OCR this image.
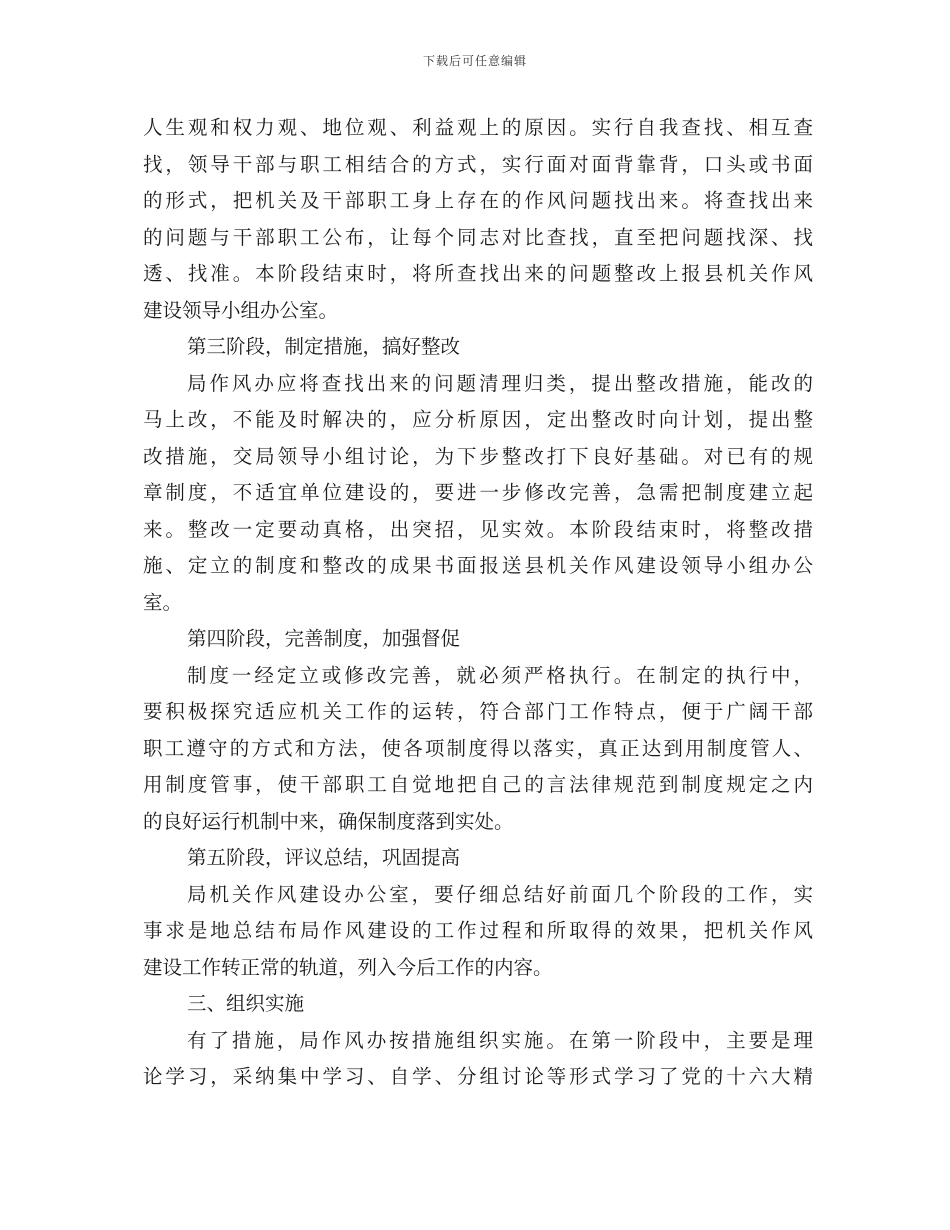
下载后可任意编辑
人生观和权力观、地位观、利益观上的原因。实行自我查找、相互查
找，领导干部与职工相结合的方式，实行面对面背靠背，口头或书面
的形式，把机关及干部职工身上存在的作风问题找出来。将查找出来
的问题与干部职工公布，让每个同志对比查找，直至把问题找深、找
透、找准。本阶段结束时，将所查找出来的问题整改上报县机关作风
建设领导小组办公室。
第三阶段，制定措施，搞好整改
局作风办应将查找出来的问题清理归类，提出整改措施，能改的
马上改，不能及时解决的，应分析原因，定出整改时向计划，提出整
改措施，交局领导小组讨论，为下步整改打下良好基础。对已有的规
章制度，不适宜单位建设的，要进一步修改完善，急需把制度建立起
来。整改一定要动真格，出突招，见实效。本阶段结束时，将整改措
施、定立的制度和整改的成果书面报送县机关作风建设领导小组办公
室。
第四阶段，完善制度，加强督促
制度一经定立或修改完善，就必须严格执行。在制定的执行中，
要积极探究适应机关工作的运转，符合部门工作特点，便于广阔干部
职工遵守的方式和方法，使各项制度得以落实，真正达到用制度管人、
用制度管事，使干部职工自觉地把自己的言法律规范到制度规定之内
的良好运行机制中来，确保制度落到实处。
第五阶段，评议总结，巩固提高
局机关作风建设办公室，要仔细总结好前面几个阶段的工作，实
事求是地总结布局作风建设的工作过程和所取得的效果，把机关作风
建设工作转正常的轨道，列入今后工作的内容。
三、组织实施
有了措施，局作风办按措施组织实施。在第一阶段中，主要是理
论学习，采纳集中学习、自学、分组讨论等形式学习了党的十六大精
